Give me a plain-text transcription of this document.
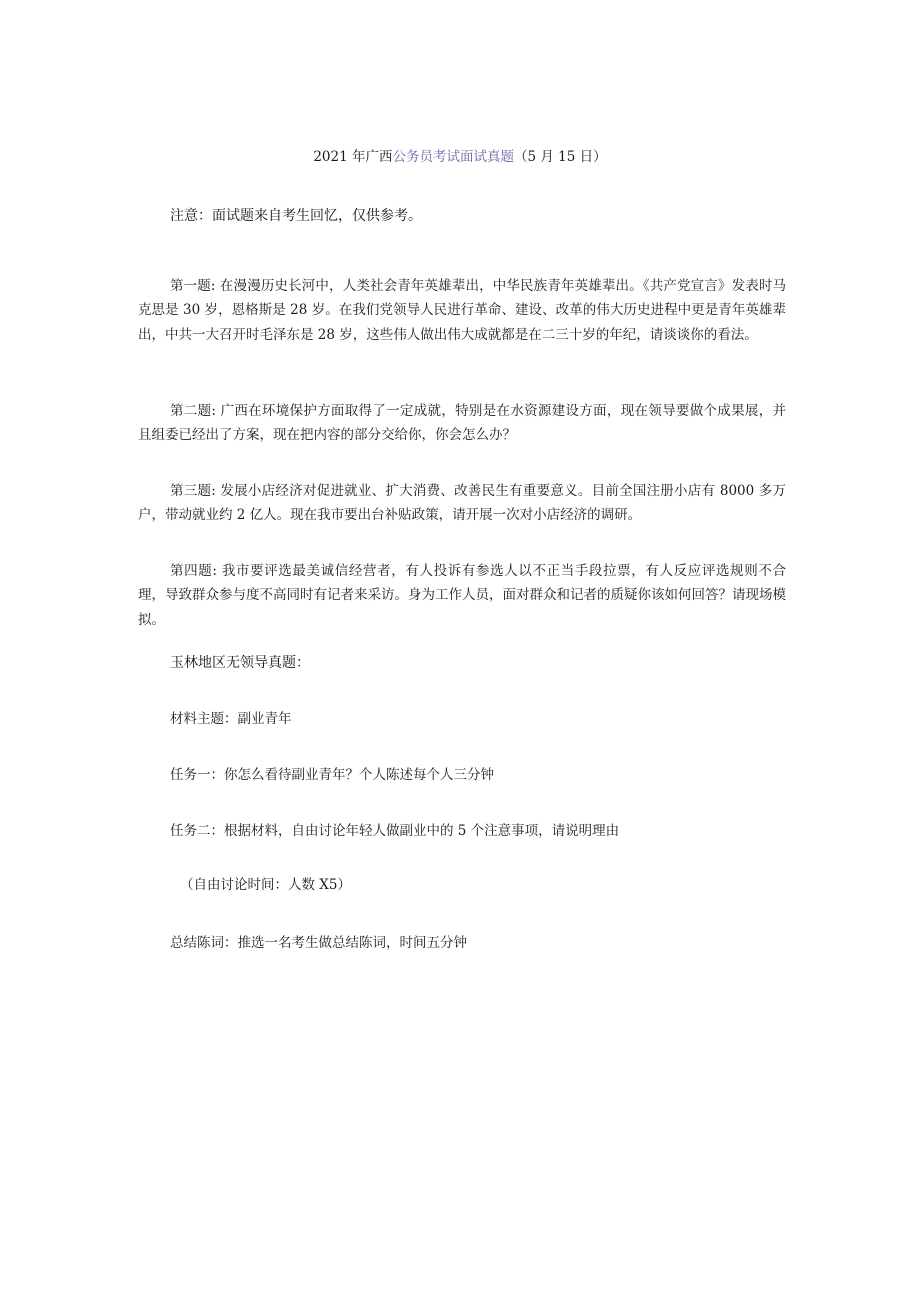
2021 年广西公务员考试面试真题（5 月 15 日）
注意：面试题来自考生回忆，仅供参考。

第一题: 在漫漫历史长河中，人类社会青年英雄辈出，中华民族青年英雄辈出。《共产党宣言》发表时马克思是 30 岁，恩格斯是 28 岁。在我们党领导人民进行革命、建设、改革的伟大历史进程中更是青年英雄辈出，中共一大召开时毛泽东是 28 岁，这些伟人做出伟大成就都是在二三十岁的年纪，请谈谈你的看法。

第二题: 广西在环境保护方面取得了一定成就，特别是在水资源建设方面，现在领导要做个成果展，并且组委已经出了方案，现在把内容的部分交给你，你会怎么办？

第三题: 发展小店经济对促进就业、扩大消费、改善民生有重要意义。目前全国注册小店有 8000 多万户，带动就业约 2 亿人。现在我市要出台补贴政策，请开展一次对小店经济的调研。

第四题: 我市要评选最美诚信经营者，有人投诉有参选人以不正当手段拉票，有人反应评选规则不合理，导致群众参与度不高同时有记者来采访。身为工作人员，面对群众和记者的质疑你该如何回答？请现场模拟。

玉林地区无领导真题：
材料主题：副业青年
任务一：你怎么看待副业青年？个人陈述每个人三分钟
任务二：根据材料，自由讨论年轻人做副业中的 5 个注意事项，请说明理由
（自由讨论时间：人数 X5）
总结陈词：推选一名考生做总结陈词，时间五分钟
